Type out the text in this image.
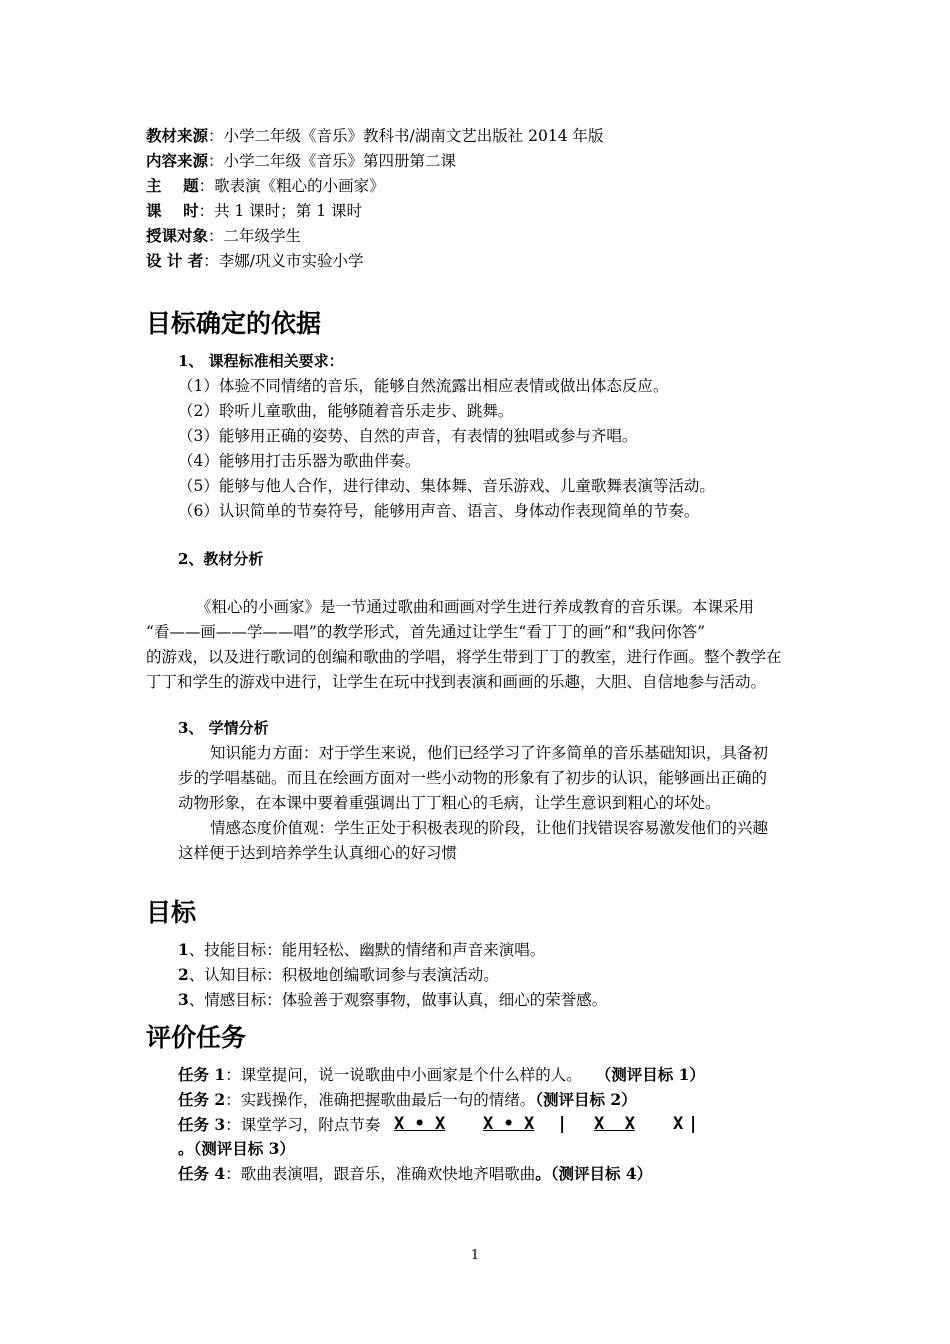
教材来源：小学二年级《音乐》教科书/湖南文艺出版社 2014 年版
内容来源：小学二年级《音乐》第四册第二课
主    题：歌表演《粗心的小画家》
课    时：共 1 课时；第 1 课时
授课对象：二年级学生
设 计 者：李娜/巩义市实验小学
目标确定的依据
1、 课程标准相关要求：
（1）体验不同情绪的音乐，能够自然流露出相应表情或做出体态反应。
（2）聆听儿童歌曲，能够随着音乐走步、跳舞。
（3）能够用正确的姿势、自然的声音，有表情的独唱或参与齐唱。
（4）能够用打击乐器为歌曲伴奏。
（5）能够与他人合作，进行律动、集体舞、音乐游戏、儿童歌舞表演等活动。
（6）认识简单的节奏符号，能够用声音、语言、身体动作表现简单的节奏。
2、教材分析
《粗心的小画家》是一节通过歌曲和画画对学生进行养成教育的音乐课。本课采用
“看——画——学——唱”的教学形式，首先通过让学生“看丁丁的画”和“我问你答”
的游戏，以及进行歌词的创编和歌曲的学唱，将学生带到丁丁的教室，进行作画。整个教学在
丁丁和学生的游戏中进行，让学生在玩中找到表演和画画的乐趣，大胆、自信地参与活动。
3、 学情分析
知识能力方面：对于学生来说，他们已经学习了许多简单的音乐基础知识，具备初
步的学唱基础。而且在绘画方面对一些小动物的形象有了初步的认识，能够画出正确的
动物形象，在本课中要着重强调出丁丁粗心的毛病，让学生意识到粗心的坏处。
情感态度价值观：学生正处于积极表现的阶段，让他们找错误容易激发他们的兴趣
这样便于达到培养学生认真细心的好习惯
目标
1、技能目标：能用轻松、幽默的情绪和声音来演唱。
2、认知目标：积极地创编歌词参与表演活动。
3、情感目标：体验善于观察事物，做事认真，细心的荣誉感。
评价任务
任务 1：课堂提问，说一说歌曲中小画家是个什么样的人。 （测评目标 1）
任务 2：实践操作，准确把握歌曲最后一句的情绪。（测评目标 2）
任务 3：课堂学习，附点节奏 X • X X • X | X  X X |
。（测评目标 3）
任务 4：歌曲表演唱，跟音乐，准确欢快地齐唱歌曲。（测评目标 4）
1
